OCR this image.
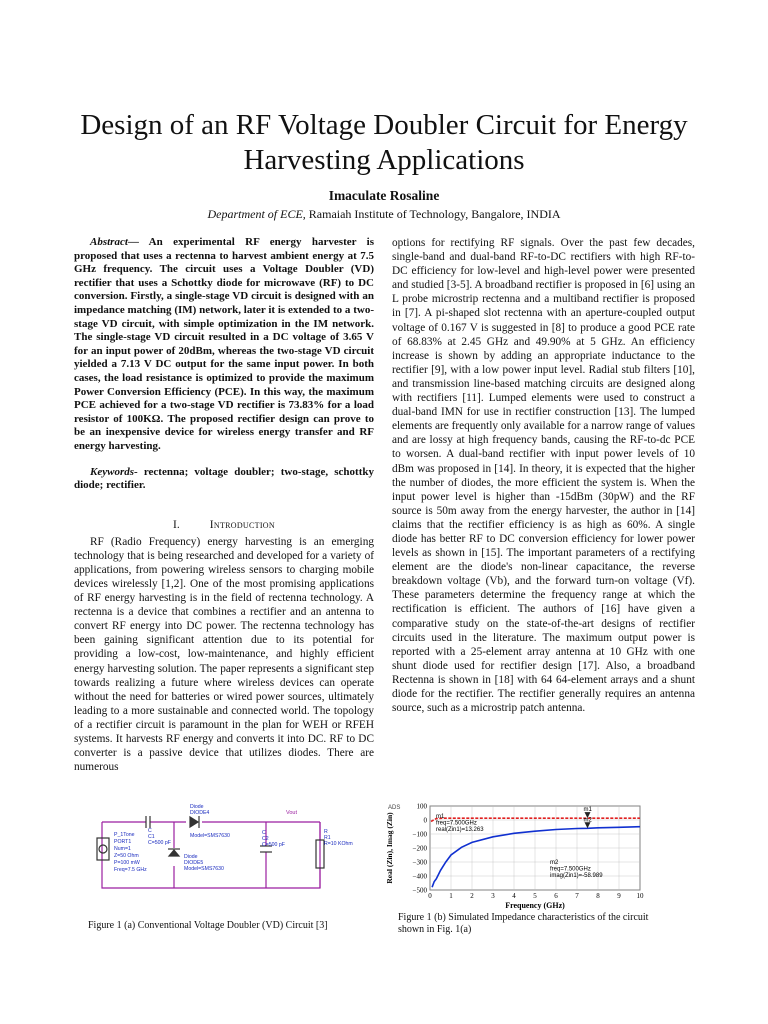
Design of an RF Voltage Doubler Circuit for Energy Harvesting Applications
Imaculate Rosaline
Department of ECE, Ramaiah Institute of Technology, Bangalore, INDIA

Abstract— An experimental RF energy harvester is proposed that uses a rectenna to harvest ambient energy at 7.5 GHz frequency. The circuit uses a Voltage Doubler (VD) rectifier that uses a Schottky diode for microwave (RF) to DC conversion. Firstly, a single-stage VD circuit is designed with an impedance matching (IM) network, later it is extended to a two-stage VD circuit, with simple optimization in the IM network. The single-stage VD circuit resulted in a DC voltage of 3.65 V for an input power of 20dBm, whereas the two-stage VD circuit yielded a 7.13 V DC output for the same input power. In both cases, the load resistance is optimized to provide the maximum Power Conversion Efficiency (PCE). In this way, the maximum PCE achieved for a two-stage VD rectifier is 73.83% for a load resistor of 100KΩ. The proposed rectifier design can prove to be an inexpensive device for wireless energy transfer and RF energy harvesting.

Keywords- rectenna; voltage doubler; two-stage, schottky diode; rectifier.

I.	Introduction

RF (Radio Frequency) energy harvesting is an emerging technology that is being researched and developed for a variety of applications, from powering wireless sensors to charging mobile devices wirelessly [1,2]. One of the most promising applications of RF energy harvesting is in the field of rectenna technology. A rectenna is a device that combines a rectifier and an antenna to convert RF energy into DC power. The rectenna technology has been gaining significant attention due to its potential for providing a low-cost, low-maintenance, and highly efficient energy harvesting solution. The paper represents a significant step towards realizing a future where wireless devices can operate without the need for batteries or wired power sources, ultimately leading to a more sustainable and connected world. The topology of a rectifier circuit is paramount in the plan for WEH or RFEH systems. It harvests RF energy and converts it into DC. RF to DC converter is a passive device that utilizes diodes. There are numerous

options for rectifying RF signals. Over the past few decades, single-band and dual-band RF-to-DC rectifiers with high RF-to-DC efficiency for low-level and high-level power were presented and studied [3-5]. A broadband rectifier is proposed in [6] using an L probe microstrip rectenna and a multiband rectifier is proposed in [7]. A pi-shaped slot rectenna with an aperture-coupled output voltage of 0.167 V is suggested in [8] to produce a good PCE rate of 68.83% at 2.45 GHz and 49.90% at 5 GHz. An efficiency increase is shown by adding an appropriate inductance to the rectifier [9], with a low power input level. Radial stub filters [10], and transmission line-based matching circuits are designed along with rectifiers [11]. Lumped elements were used to construct a dual-band IMN for use in rectifier construction [13]. The lumped elements are frequently only available for a narrow range of values and are lossy at high frequency bands, causing the RF-to-dc PCE to worsen. A dual-band rectifier with input power levels of 10 dBm was proposed in [14]. In theory, it is expected that the higher the number of diodes, the more efficient the system is. When the input power level is higher than -15dBm (30pW) and the RF source is 50m away from the energy harvester, the author in [14] claims that the rectifier efficiency is as high as 60%. A single diode has better RF to DC conversion efficiency for lower power levels as shown in [15]. The important parameters of a rectifying element are the diode's non-linear capacitance, the reverse breakdown voltage (Vb), and the forward turn-on voltage (Vf). These parameters determine the frequency range at which the rectification is efficient. The authors of [16] have given a comparative study on the state-of-the-art designs of rectifier circuits used in the literature. The maximum output power is reported with a 25-element array antenna at 10 GHz with one shunt diode used for rectifier design [17]. Also, a broadband Rectenna is shown in [18] with 64 64-element arrays and a shunt diode for the rectifier. The rectifier generally requires an antenna source, such as a microstrip patch antenna.

P_1Tone
PORT1
Num=1
Z=50 Ohm
P=100 mW
Freq=7.5 GHz
C
C1
C=500 pF
Diode
DIODE4
Model=SMS7630
Diode
DIODE5
Model=SMS7630
C
C2
C=500 pF
R
R1
R=10 KOhm
Vout
Figure 1 (a) Conventional Voltage Doubler (VD) Circuit [3]
0	1	2	3	4	5	6	7	8	9 10
100
0
−100
−200
−300
−400
−500
Frequency (GHz)
Real (Zin), Imag (Zin)
ADS	m1
m2
m1
freq=7.500GHz
real(Zin1)=13.263
m2
freq=7.500GHz
imag(Zin1)=-58.989
Figure 1 (b) Simulated Impedance characteristics of the circuit shown in Fig. 1(a)
